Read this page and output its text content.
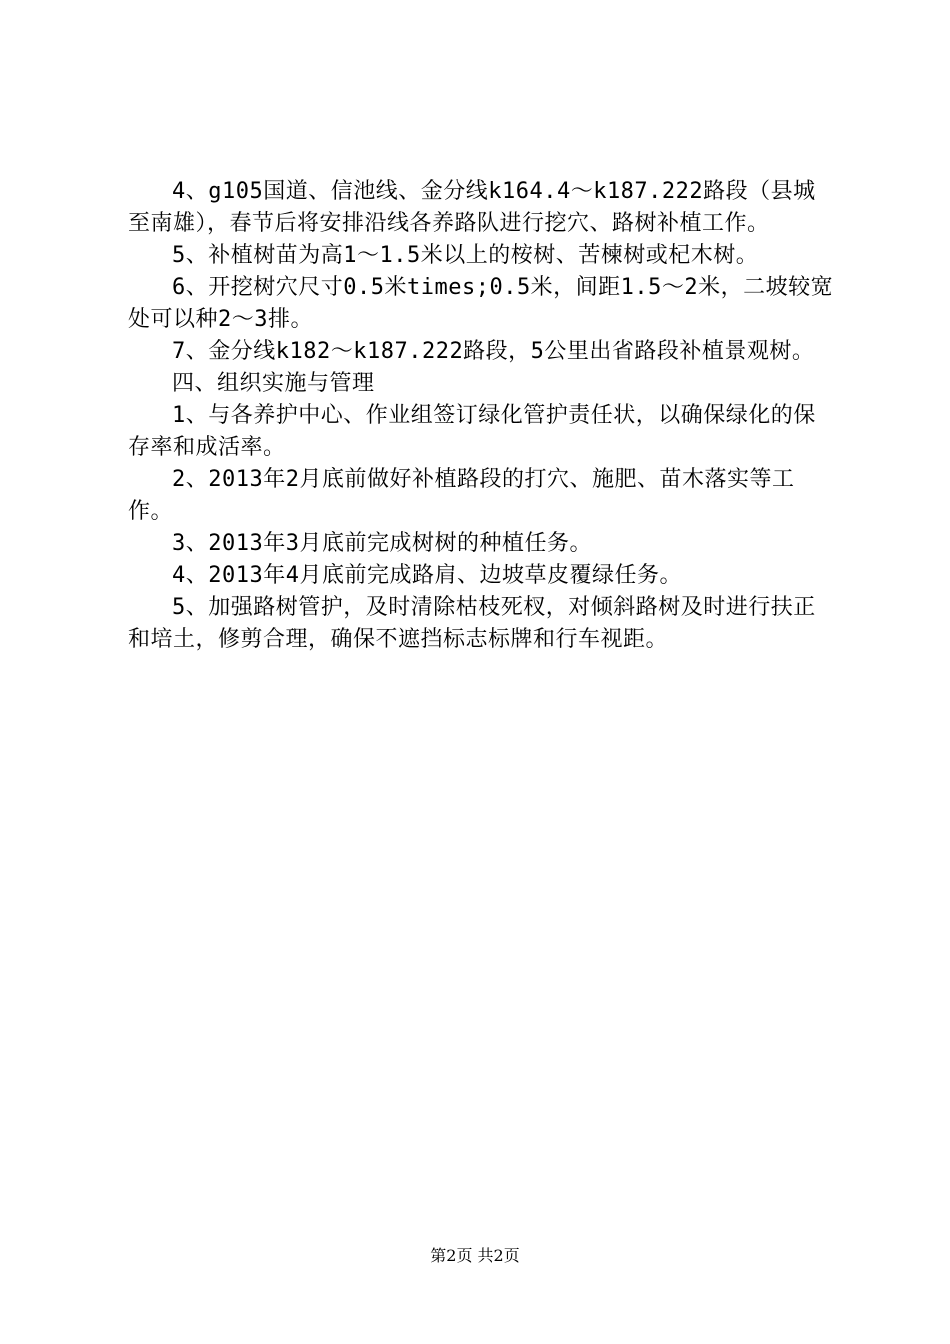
4、g105国道、信池线、金分线k164.4～k187.222路段（县城至南雄），春节后将安排沿线各养路队进行挖穴、路树补植工作。

5、补植树苗为高1～1.5米以上的桉树、苦楝树或杞木树。

6、开挖树穴尺寸0.5米times;0.5米，间距1.5～2米，二坡较宽处可以种2～3排。

7、金分线k182～k187.222路段，5公里出省路段补植景观树。

四、组织实施与管理

1、与各养护中心、作业组签订绿化管护责任状，以确保绿化的保存率和成活率。

2、2013年2月底前做好补植路段的打穴、施肥、苗木落实等工作。

3、2013年3月底前完成树树的种植任务。

4、2013年4月底前完成路肩、边坡草皮覆绿任务。

5、加强路树管护，及时清除枯枝死杈，对倾斜路树及时进行扶正和培土，修剪合理，确保不遮挡标志标牌和行车视距。

第2页 共2页
